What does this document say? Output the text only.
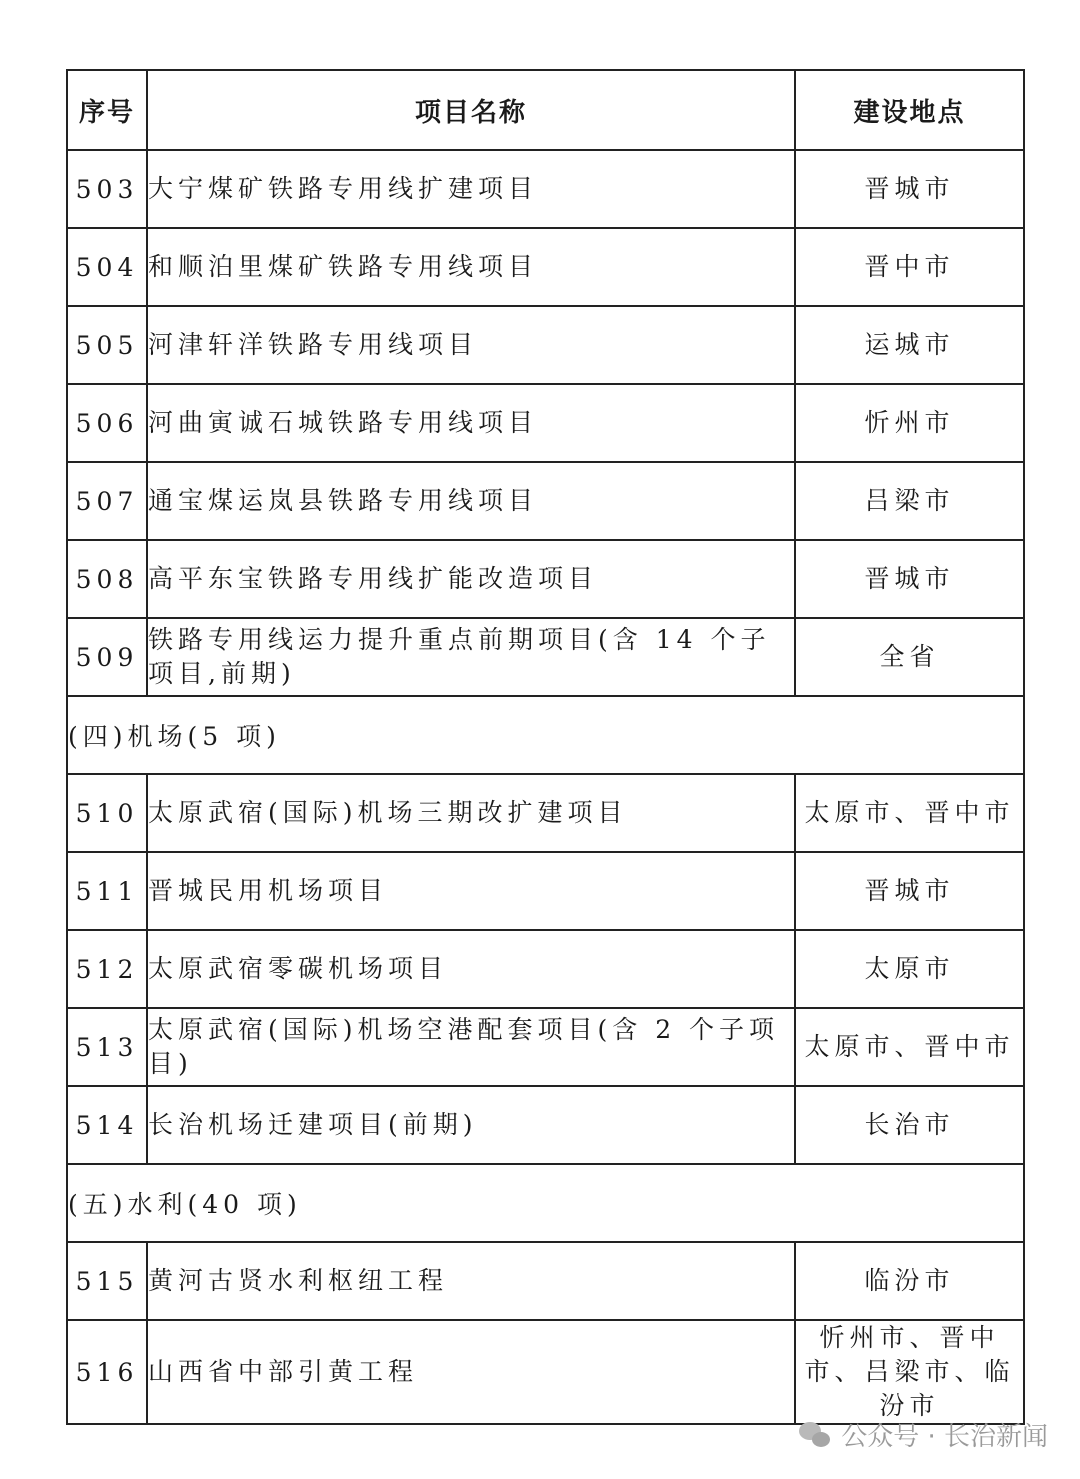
序号	项目名称	建设地点
503	大宁煤矿铁路专用线扩建项目	晋城市
504	和顺泊里煤矿铁路专用线项目	晋中市
505	河津轩洋铁路专用线项目	运城市
506	河曲寅诚石城铁路专用线项目	忻州市
507	通宝煤运岚县铁路专用线项目	吕梁市
508	高平东宝铁路专用线扩能改造项目	晋城市
509	铁路专用线运力提升重点前期项目(含 14 个子项目,前期)	全省
(四)机场(5 项)		
510	太原武宿(国际)机场三期改扩建项目	太原市、晋中市
511	晋城民用机场项目	晋城市
512	太原武宿零碳机场项目	太原市
513	太原武宿(国际)机场空港配套项目(含 2 个子项目)	太原市、晋中市
514	长治机场迁建项目(前期)	长治市
(五)水利(40 项)		
515	黄河古贤水利枢纽工程	临汾市
516	山西省中部引黄工程	忻州市、晋中市、吕梁市、临汾市
公众号 · 长治新闻
